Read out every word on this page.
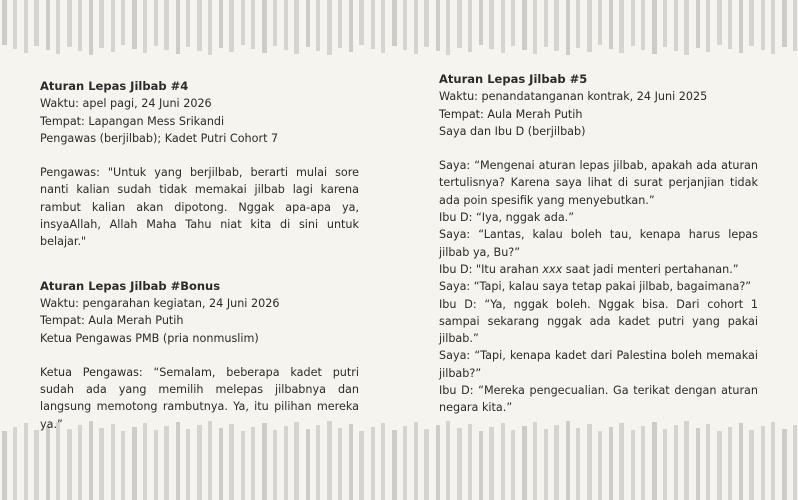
Aturan Lepas Jilbab #4

Waktu: apel pagi, 24 Juni 2026

Tempat: Lapangan Mess Srikandi

Pengawas (berjilbab); Kadet Putri Cohort 7

Pengawas: "Untuk yang berjilbab, berarti mulai sore nanti kalian sudah tidak memakai jilbab lagi karena rambut kalian akan dipotong. Nggak apa-apa ya, insyaAllah, Allah Maha Tahu niat kita di sini untuk belajar."

Aturan Lepas Jilbab #Bonus

Waktu: pengarahan kegiatan, 24 Juni 2026

Tempat: Aula Merah Putih

Ketua Pengawas PMB (pria nonmuslim)

Ketua Pengawas: “Semalam, beberapa kadet putri sudah ada yang memilih melepas jilbabnya dan langsung memotong rambutnya. Ya, itu pilihan mereka ya.”

Aturan Lepas Jilbab #5

Waktu: penandatanganan kontrak, 24 Juni 2025

Tempat: Aula Merah Putih

Saya dan Ibu D (berjilbab)

Saya: “Mengenai aturan lepas jilbab, apakah ada aturan tertulisnya? Karena saya lihat di surat perjanjian tidak ada poin spesifik yang menyebutkan.”

Ibu D: “Iya, nggak ada.”

Saya: “Lantas, kalau boleh tau, kenapa harus lepas jilbab ya, Bu?”

Ibu D: "Itu arahan xxx saat jadi menteri pertahanan.”

Saya: “Tapi, kalau saya tetap pakai jilbab, bagaimana?”

Ibu D: “Ya, nggak boleh. Nggak bisa. Dari cohort 1 sampai sekarang nggak ada kadet putri yang pakai jilbab.”

Saya: “Tapi, kenapa kadet dari Palestina boleh memakai jilbab?”

Ibu D: “Mereka pengecualian. Ga terikat dengan aturan negara kita.”
